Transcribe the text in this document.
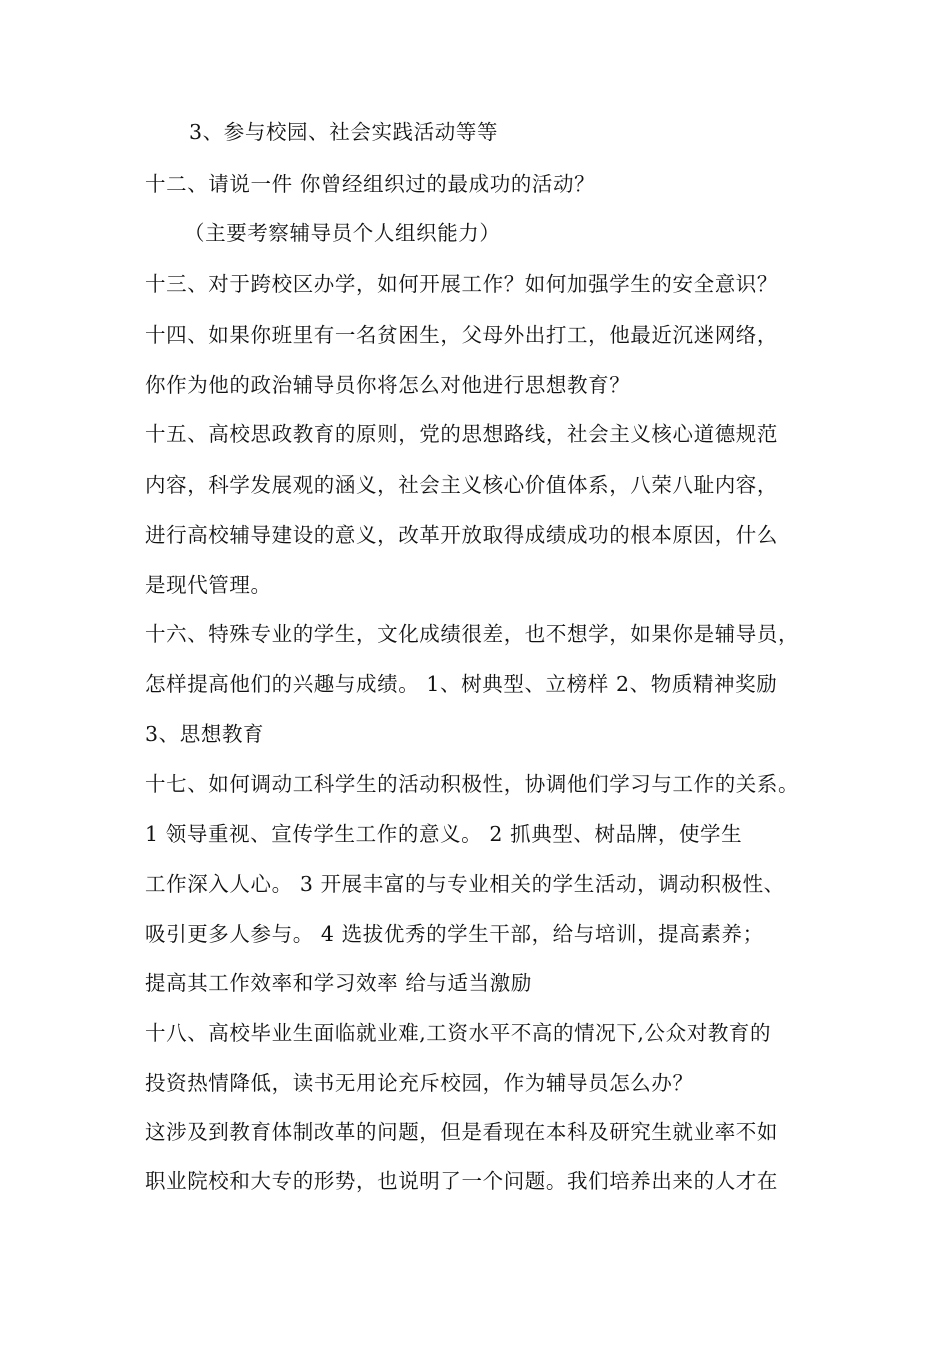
3、参与校园、社会实践活动等等
十二、请说一件 你曾经组织过的最成功的活动？
（主要考察辅导员个人组织能力）
十三、对于跨校区办学，如何开展工作？如何加强学生的安全意识？
十四、如果你班里有一名贫困生，父母外出打工，他最近沉迷网络，
你作为他的政治辅导员你将怎么对他进行思想教育？
十五、高校思政教育的原则，党的思想路线，社会主义核心道德规范
内容，科学发展观的涵义，社会主义核心价值体系，八荣八耻内容，
进行高校辅导建设的意义，改革开放取得成绩成功的根本原因，什么
是现代管理。
十六、特殊专业的学生，文化成绩很差，也不想学，如果你是辅导员，
怎样提高他们的兴趣与成绩。 1、树典型、立榜样 2、物质精神奖励
3、思想教育
十七、如何调动工科学生的活动积极性，协调他们学习与工作的关系。
1 领导重视、宣传学生工作的意义。 2 抓典型、树品牌，使学生
工作深入人心。 3 开展丰富的与专业相关的学生活动，调动积极性、
吸引更多人参与。 4 选拔优秀的学生干部，给与培训，提高素养；
提高其工作效率和学习效率 给与适当激励
十八、高校毕业生面临就业难,工资水平不高的情况下,公众对教育的
投资热情降低，读书无用论充斥校园，作为辅导员怎么办？
这涉及到教育体制改革的问题，但是看现在本科及研究生就业率不如
职业院校和大专的形势，也说明了一个问题。我们培养出来的人才在
